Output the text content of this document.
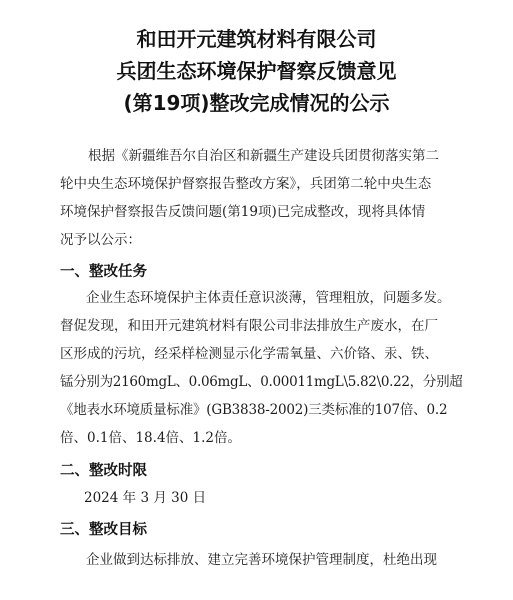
和田开元建筑材料有限公司
兵团生态环境保护督察反馈意见
(第19项)整改完成情况的公示
根据《新疆维吾尔自治区和新疆生产建设兵团贯彻落实第二
轮中央生态环境保护督察报告整改方案》，兵团第二轮中央生态
环境保护督察报告反馈问题(第19项)已完成整改，现将具体情
况予以公示：
一、整改任务
企业生态环境保护主体责任意识淡薄，管理粗放，问题多发。
督促发现，和田开元建筑材料有限公司非法排放生产废水，在厂
区形成的污坑，经采样检测显示化学需氧量、六价铬、汞、铁、
锰分别为2160mgL、0.06mgL、0.00011mgL\5.82\0.22，分别超
《地表水环境质量标准》(GB3838-2002)三类标准的107倍、0.2
倍、0.1倍、18.4倍、1.2倍。
二、整改时限
2024 年 3 月 30 日
三、整改目标
企业做到达标排放、建立完善环境保护管理制度，杜绝出现
